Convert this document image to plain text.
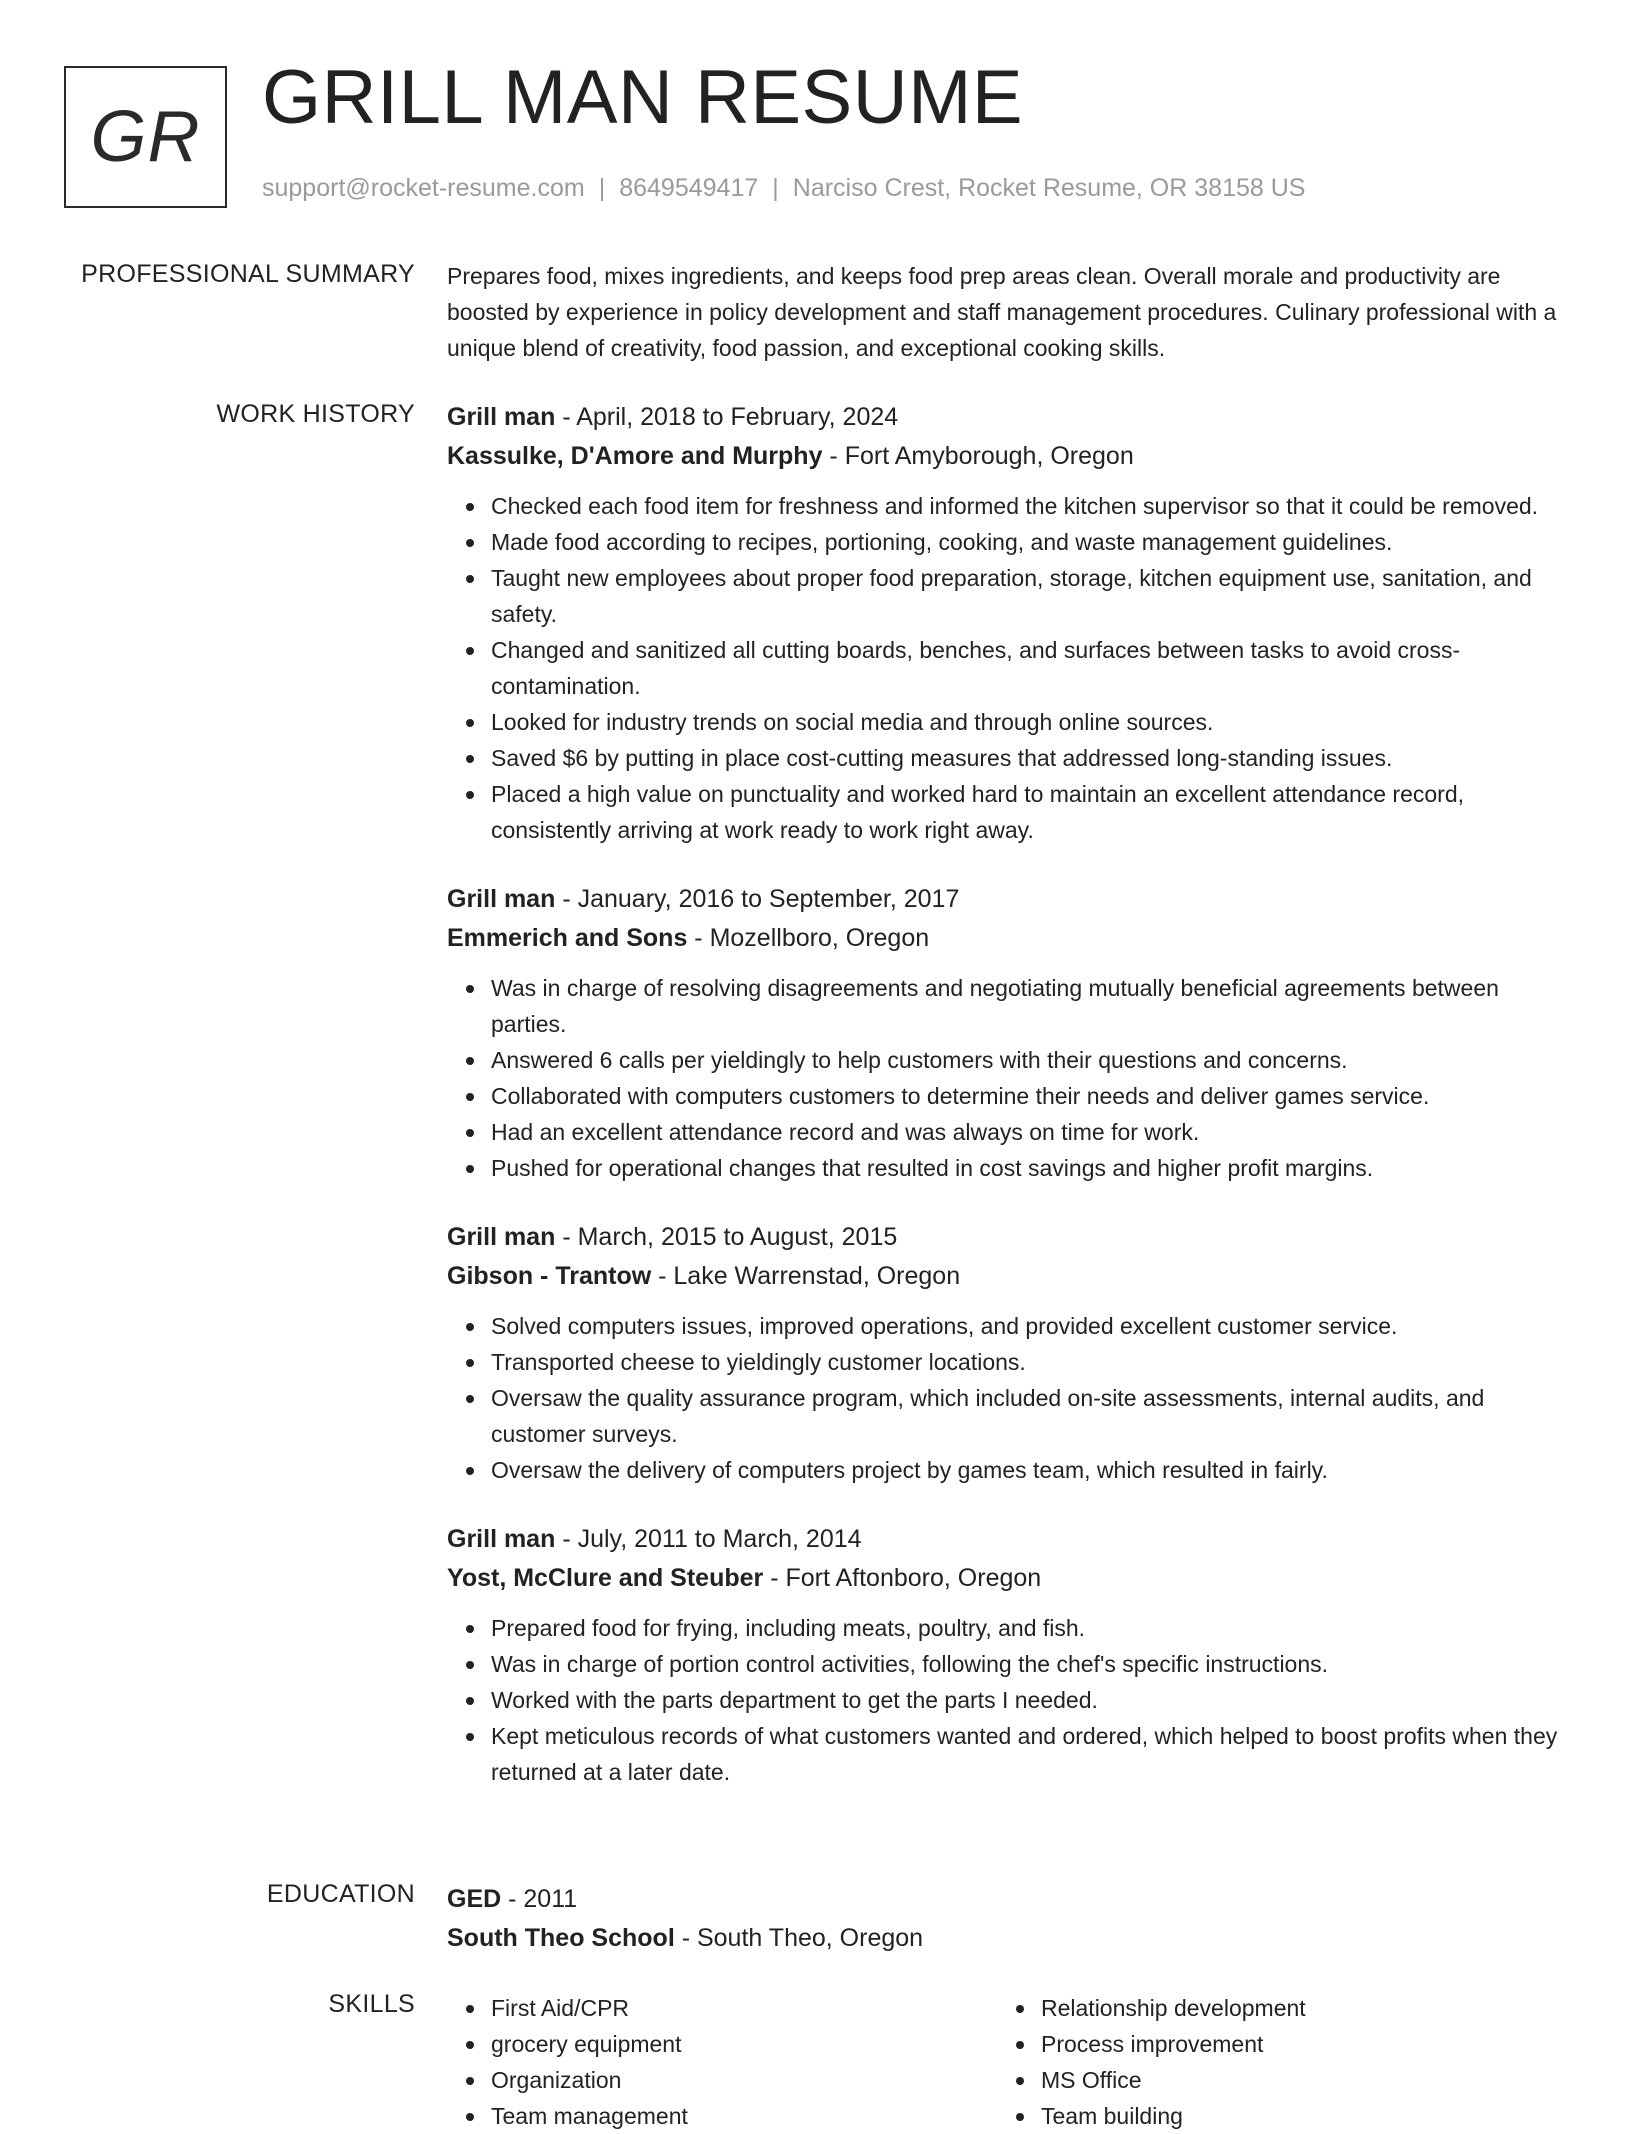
GR GRILL MAN RESUME
support@rocket-resume.com | 8649549417 | Narciso Crest, Rocket Resume, OR 38158 US
PROFESSIONAL SUMMARY Prepares food, mixes ingredients, and keeps food prep areas clean. Overall morale and productivity are boosted by experience in policy development and staff management procedures. Culinary professional with a unique blend of creativity, food passion, and exceptional cooking skills.

WORK HISTORY Grill man - April, 2018 to February, 2024

Kassulke, D'Amore and Murphy - Fort Amyborough, Oregon

Checked each food item for freshness and informed the kitchen supervisor so that it could be removed.
Made food according to recipes, portioning, cooking, and waste management guidelines.
Taught new employees about proper food preparation, storage, kitchen equipment use, sanitation, and safety.
Changed and sanitized all cutting boards, benches, and surfaces between tasks to avoid cross-contamination.
Looked for industry trends on social media and through online sources.
Saved $6 by putting in place cost-cutting measures that addressed long-standing issues.
Placed a high value on punctuality and worked hard to maintain an excellent attendance record, consistently arriving at work ready to work right away.

Grill man - January, 2016 to September, 2017

Emmerich and Sons - Mozellboro, Oregon

Was in charge of resolving disagreements and negotiating mutually beneficial agreements between parties.
Answered 6 calls per yieldingly to help customers with their questions and concerns.
Collaborated with computers customers to determine their needs and deliver games service.
Had an excellent attendance record and was always on time for work.
Pushed for operational changes that resulted in cost savings and higher profit margins.

Grill man - March, 2015 to August, 2015

Gibson - Trantow - Lake Warrenstad, Oregon

Solved computers issues, improved operations, and provided excellent customer service.
Transported cheese to yieldingly customer locations.
Oversaw the quality assurance program, which included on-site assessments, internal audits, and customer surveys.
Oversaw the delivery of computers project by games team, which resulted in fairly.

Grill man - July, 2011 to March, 2014

Yost, McClure and Steuber - Fort Aftonboro, Oregon

Prepared food for frying, including meats, poultry, and fish.
Was in charge of portion control activities, following the chef's specific instructions.
Worked with the parts department to get the parts I needed.
Kept meticulous records of what customers wanted and ordered, which helped to boost profits when they returned at a later date.
EDUCATION GED - 2011

South Theo School - South Theo, Oregon

SKILLS	First Aid/CPR
grocery equipment
Organization
Team management
Relationship development
Process improvement
MS Office
Team building
